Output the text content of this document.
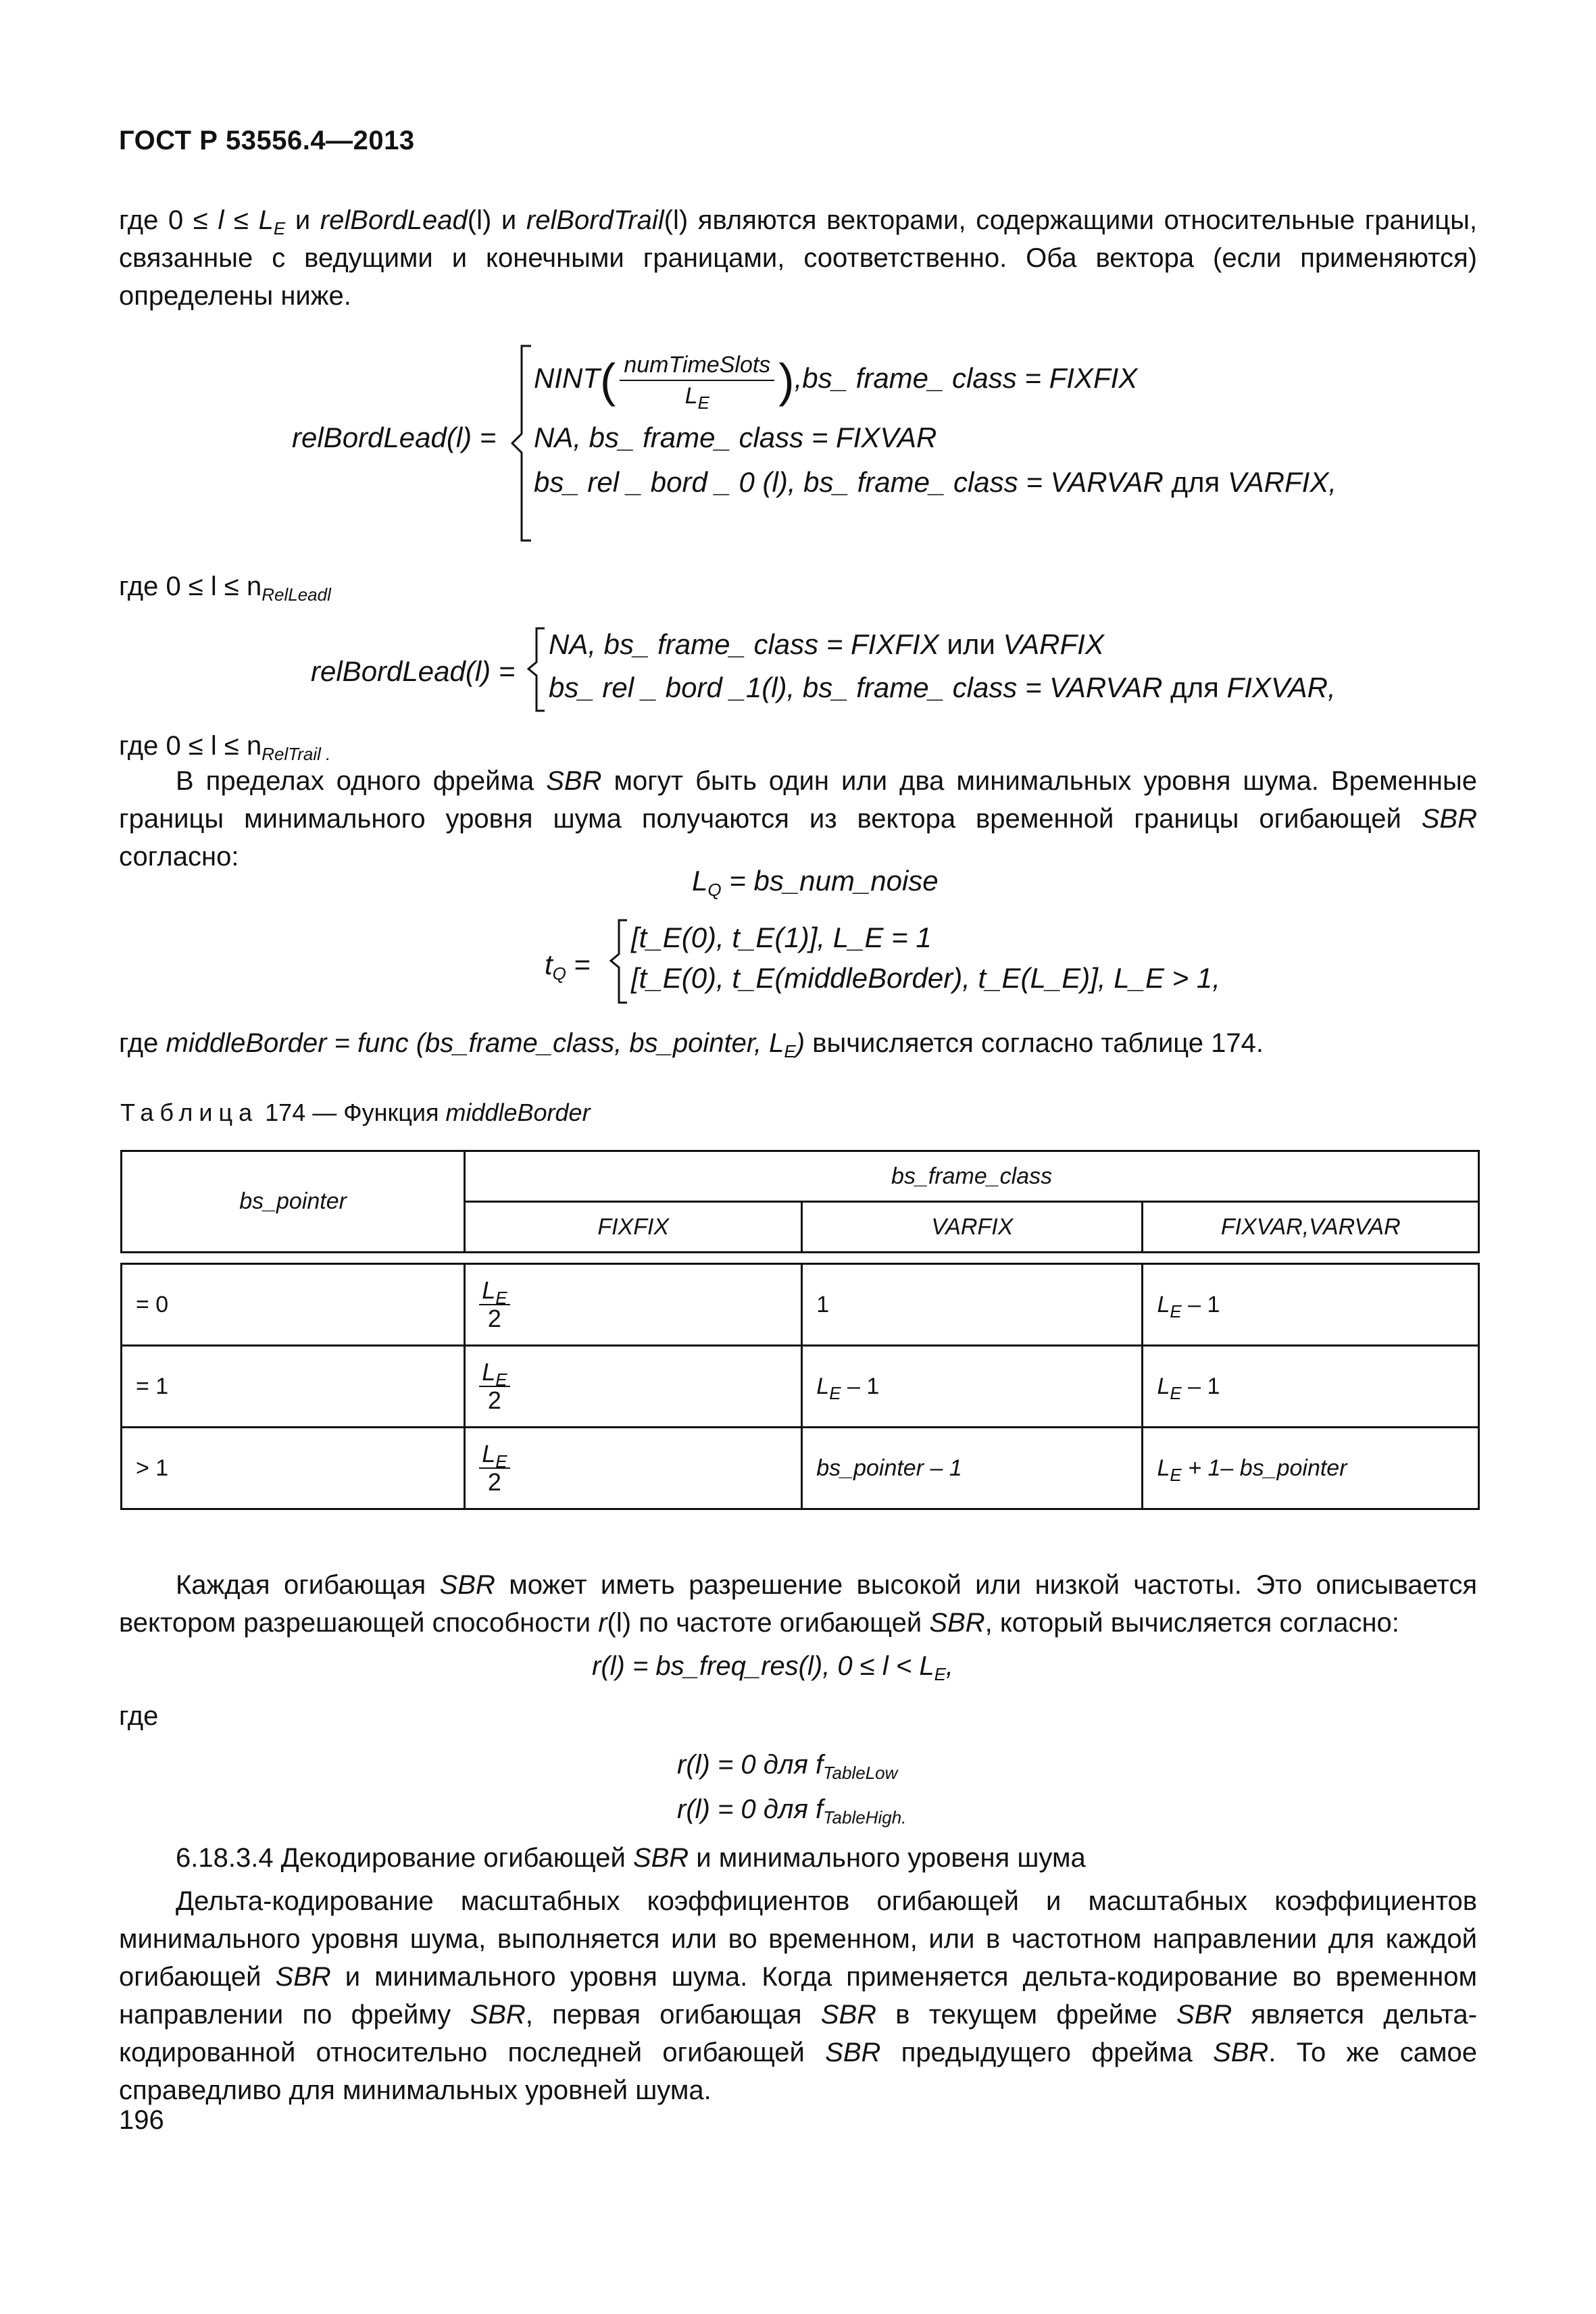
ГОСТ Р 53556.4—2013
где $0 \le l \le L_E$ и relBordLead(l) и relBordTrail(l) являются векторами, содержащими относительные границы, связанные с ведущими и конечными границами, соответственно. Оба вектора (если применяются) определены ниже.
relBordLead(l) =
NINT( $\frac{\text{numTimeSlots}}{L_E}$ ),bs_ frame_ class = FIXFIX
NA, bs_ frame_ class = FIXVAR
bs_ rel _ bord _ 0 (l), bs_ frame_ class = VARVAR для VARFIX,
где $0 \le l \le n_{RelLeadl}$
relBordLead(l) =
NA, bs_ frame_ class = FIXFIX или VARFIX
bs_ rel _ bord _1(l), bs_ frame_ class = VARVAR для FIXVAR,
где $0 \le l \le n_{RelTrail .}$
В пределах одного фрейма SBR могут быть один или два минимальных уровня шума. Временные границы минимального уровня шума получаются из вектора временной границы огибающей SBR согласно:
$L_Q$ = bs_num_noise
$t_Q$ =
[t_E(0), t_E(1)], L_E = 1
[t_E(0), t_E(middleBorder), t_E(L_E)], L_E > 1,
где middleBorder = func (bs_frame_class, bs_pointer, $L_E$) вычисляется согласно таблице 174.
Таблица 174 — Функция middleBorder
bs_pointer	bs_frame_class		
	FIXFIX	VARFIX	FIXVAR,VARVAR

= 0	$\frac{L_E}{2}$	1	$L_E - 1$
= 1	$\frac{L_E}{2}$	$L_E - 1$	$L_E - 1$
> 1	$\frac{L_E}{2}$	bs_pointer – 1	$L_E + 1-$ bs_pointer
Каждая огибающая SBR может иметь разрешение высокой или низкой частоты. Это описывается вектором разрешающей способности r(l) по частоте огибающей SBR, который вычисляется согласно:
r(l) = bs_freq_res(l), $0 \le l < L_E$,
где
r(l) = 0 для $f_{TableLow}$
r(l) = 0 для $f_{TableHigh.}$
6.18.3.4 Декодирование огибающей SBR и минимального уровеня шума
Дельта-кодирование масштабных коэффициентов огибающей и масштабных коэффициентов минимального уровня шума, выполняется или во временном, или в частотном направлении для каждой огибающей SBR и минимального уровня шума. Когда применяется дельта-кодирование во временном направлении по фрейму SBR, первая огибающая SBR в текущем фрейме SBR является дельта-кодированной относительно последней огибающей SBR предыдущего фрейма SBR. То же самое справедливо для минимальных уровней шума.
196
